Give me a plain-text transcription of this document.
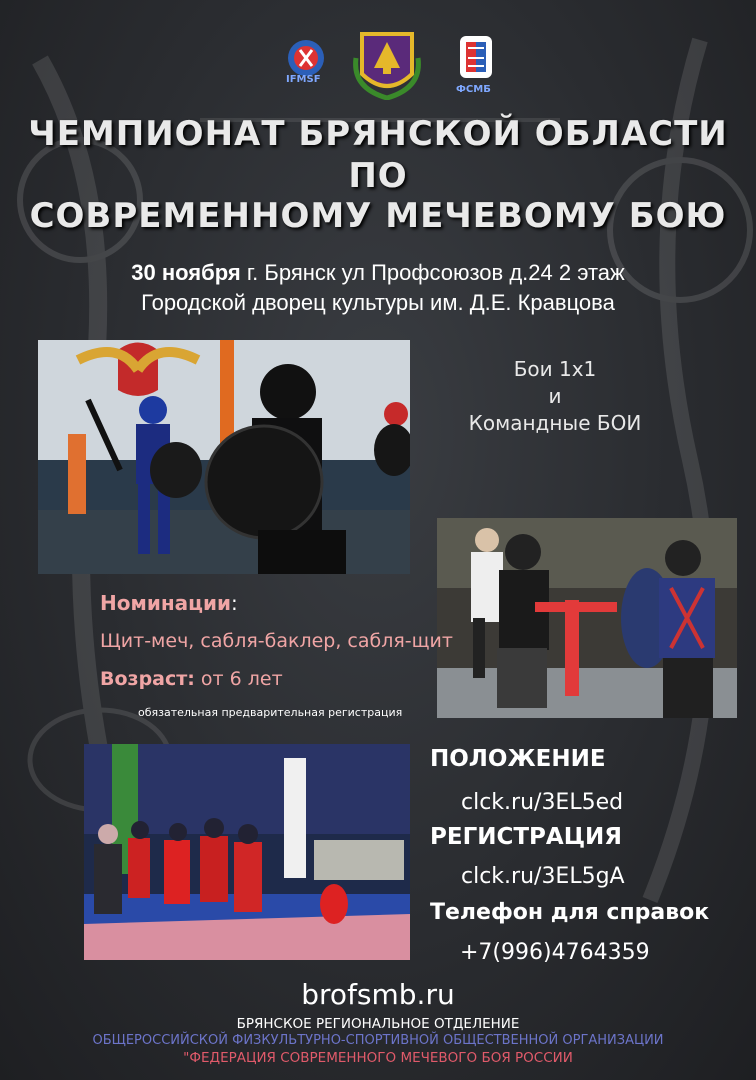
IFMSF
ФСМБ
ЧЕМПИОНАТ БРЯНСКОЙ ОБЛАСТИ
ПО
СОВРЕМЕННОМУ МЕЧЕВОМУ БОЮ
30 ноября г. Брянск ул Профсоюзов д.24 2 этаж
Городской дворец культуры им. Д.Е. Кравцова
Бои 1х1
и
Командные БОИ
Номинации:
Щит-меч, сабля-баклер, сабля-щит
Возраст: от 6 лет
обязательная предварительная регистрация
ПОЛОЖЕНИЕ
clck.ru/3EL5ed
РЕГИСТРАЦИЯ
clck.ru/3EL5gA
Телефон для справок
+7(996)4764359
brofsmb.ru
БРЯНСКОЕ РЕГИОНАЛЬНОЕ ОТДЕЛЕНИЕ
ОБЩЕРОССИЙСКОЙ ФИЗКУЛЬТУРНО-СПОРТИВНОЙ ОБЩЕСТВЕННОЙ ОРГАНИЗАЦИИ
"ФЕДЕРАЦИЯ СОВРЕМЕННОГО МЕЧЕВОГО БОЯ РОССИИ
